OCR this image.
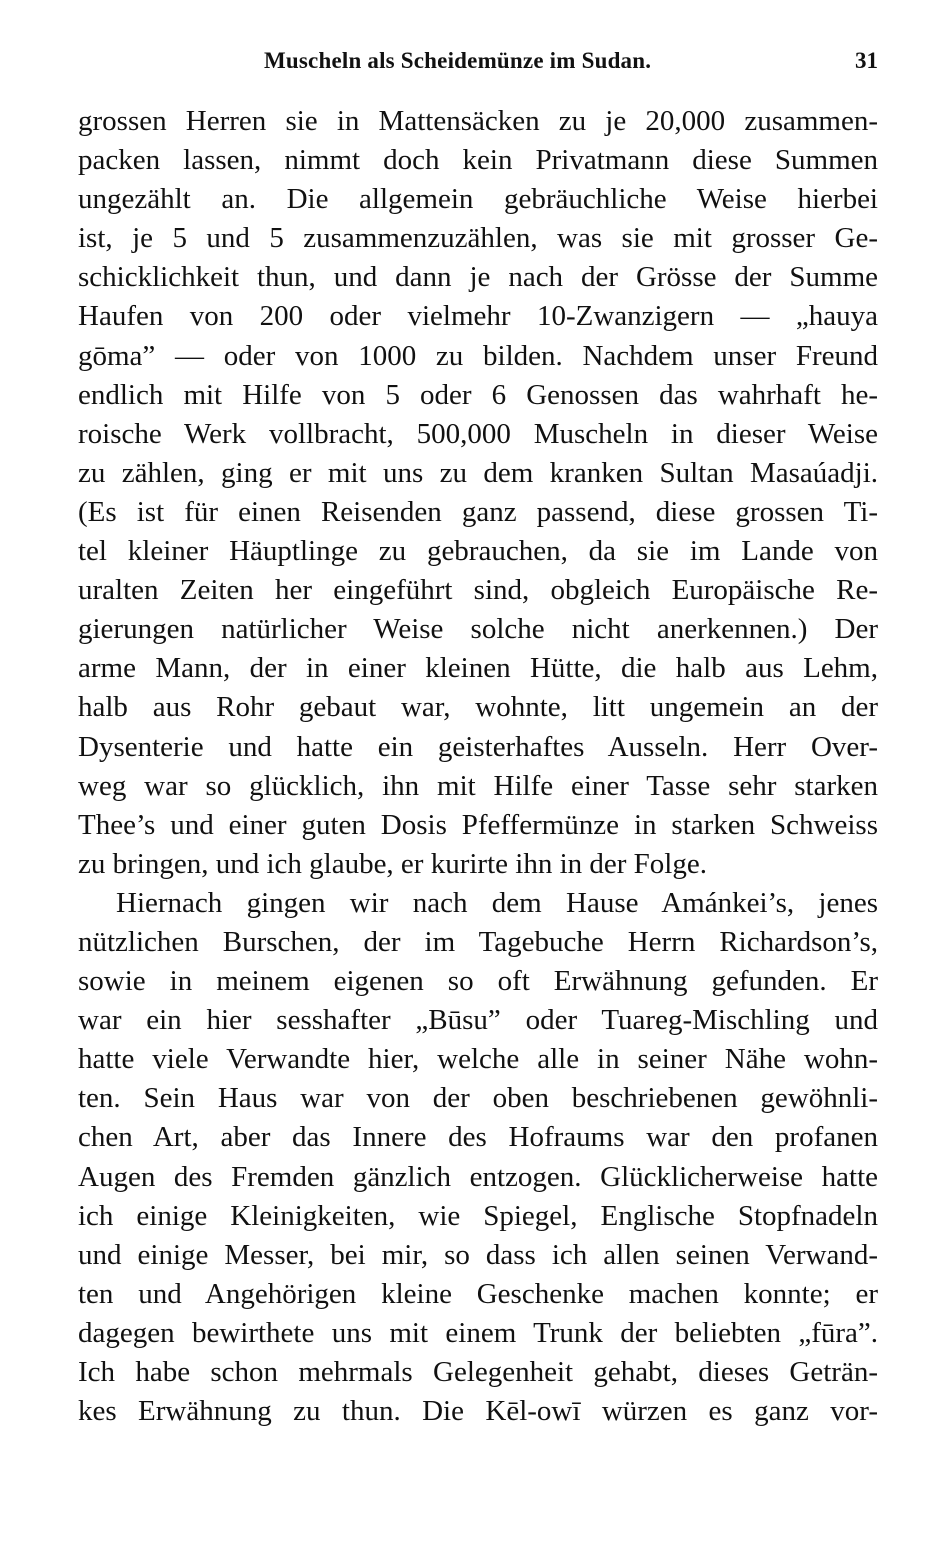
Muscheln als Scheidemünze im Sudan.	31
grossen Herren sie in Mattensäcken zu je 20,000 zusammen-
packen lassen, nimmt doch kein Privatmann diese Summen
ungezählt an. Die allgemein gebräuchliche Weise hierbei
ist, je 5 und 5 zusammenzuzählen, was sie mit grosser Ge-
schicklichkeit thun, und dann je nach der Grösse der Summe
Haufen von 200 oder vielmehr 10-Zwanzigern — „hauya
gōma” — oder von 1000 zu bilden. Nachdem unser Freund
endlich mit Hilfe von 5 oder 6 Genossen das wahrhaft he-
roische Werk vollbracht, 500,000 Muscheln in dieser Weise
zu zählen, ging er mit uns zu dem kranken Sultan Masaúadji.
(Es ist für einen Reisenden ganz passend, diese grossen Ti-
tel kleiner Häuptlinge zu gebrauchen, da sie im Lande von
uralten Zeiten her eingeführt sind, obgleich Europäische Re-
gierungen natürlicher Weise solche nicht anerkennen.) Der
arme Mann, der in einer kleinen Hütte, die halb aus Lehm,
halb aus Rohr gebaut war, wohnte, litt ungemein an der
Dysenterie und hatte ein geisterhaftes Ausseln. Herr Over-
weg war so glücklich, ihn mit Hilfe einer Tasse sehr starken
Thee’s und einer guten Dosis Pfeffermünze in starken Schweiss
zu bringen, und ich glaube, er kurirte ihn in der Folge.
Hiernach gingen wir nach dem Hause Amánkei’s, jenes
nützlichen Burschen, der im Tagebuche Herrn Richardson’s,
sowie in meinem eigenen so oft Erwähnung gefunden. Er
war ein hier sesshafter „Būsu” oder Tuareg-Mischling und
hatte viele Verwandte hier, welche alle in seiner Nähe wohn-
ten. Sein Haus war von der oben beschriebenen gewöhnli-
chen Art, aber das Innere des Hofraums war den profanen
Augen des Fremden gänzlich entzogen. Glücklicherweise hatte
ich einige Kleinigkeiten, wie Spiegel, Englische Stopfnadeln
und einige Messer, bei mir, so dass ich allen seinen Verwand-
ten und Angehörigen kleine Geschenke machen konnte; er
dagegen bewirthete uns mit einem Trunk der beliebten „fūra”.
Ich habe schon mehrmals Gelegenheit gehabt, dieses Geträn-
kes Erwähnung zu thun. Die Kēl-owī würzen es ganz vor-
